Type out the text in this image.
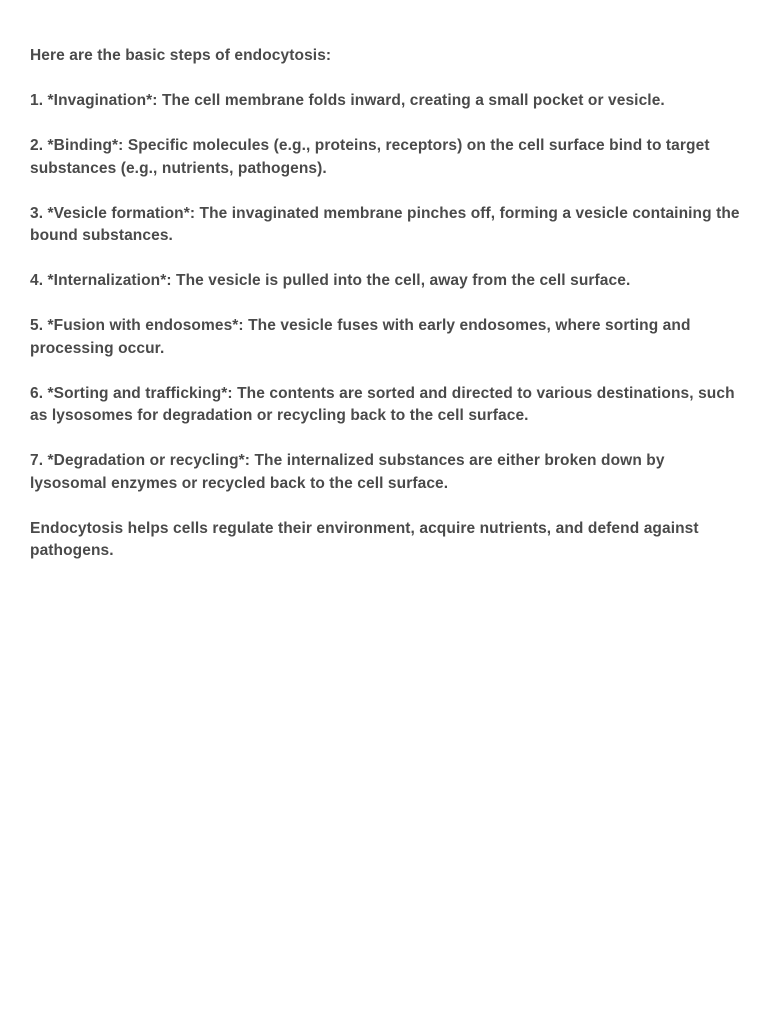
Here are the basic steps of endocytosis:

1. *Invagination*: The cell membrane folds inward, creating a small pocket or vesicle.

2. *Binding*: Specific molecules (e.g., proteins, receptors) on the cell surface bind to target substances (e.g., nutrients, pathogens).

3. *Vesicle formation*: The invaginated membrane pinches off, forming a vesicle containing the bound substances.

4. *Internalization*: The vesicle is pulled into the cell, away from the cell surface.

5. *Fusion with endosomes*: The vesicle fuses with early endosomes, where sorting and processing occur.

6. *Sorting and trafficking*: The contents are sorted and directed to various destinations, such as lysosomes for degradation or recycling back to the cell surface.

7. *Degradation or recycling*: The internalized substances are either broken down by lysosomal enzymes or recycled back to the cell surface.

Endocytosis helps cells regulate their environment, acquire nutrients, and defend against pathogens.
